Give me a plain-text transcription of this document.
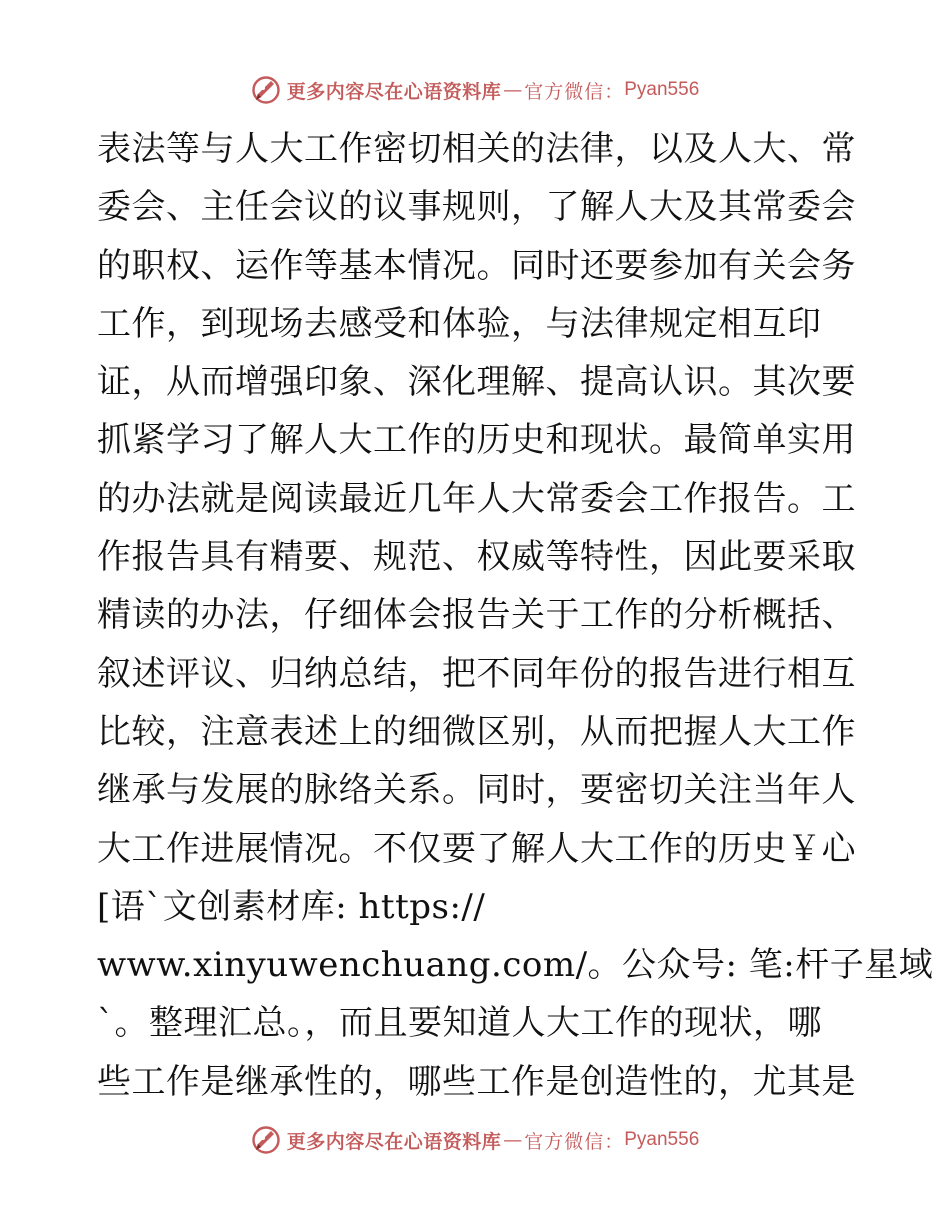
更多内容尽在心语资料库 — 官方微信： Pyan556
表法等与人大工作密切相关的法律，以及人大、常
委会、主任会议的议事规则，了解人大及其常委会
的职权、运作等基本情况。同时还要参加有关会务
工作，到现场去感受和体验，与法律规定相互印
证，从而增强印象、深化理解、提高认识。其次要
抓紧学习了解人大工作的历史和现状。最简单实用
的办法就是阅读最近几年人大常委会工作报告。工
作报告具有精要、规范、权威等特性，因此要采取
精读的办法，仔细体会报告关于工作的分析概括、
叙述评议、归纳总结，把不同年份的报告进行相互
比较，注意表述上的细微区别，从而把握人大工作
继承与发展的脉络关系。同时，要密切关注当年人
大工作进展情况。不仅要了解人大工作的历史￥心
[语`文创素材库: https://
www.xinyuwenchuang.com/。公众号: 笔:杆子星域
`。整理汇总。，而且要知道人大工作的现状，哪
些工作是继承性的，哪些工作是创造性的，尤其是
更多内容尽在心语资料库 — 官方微信： Pyan556
